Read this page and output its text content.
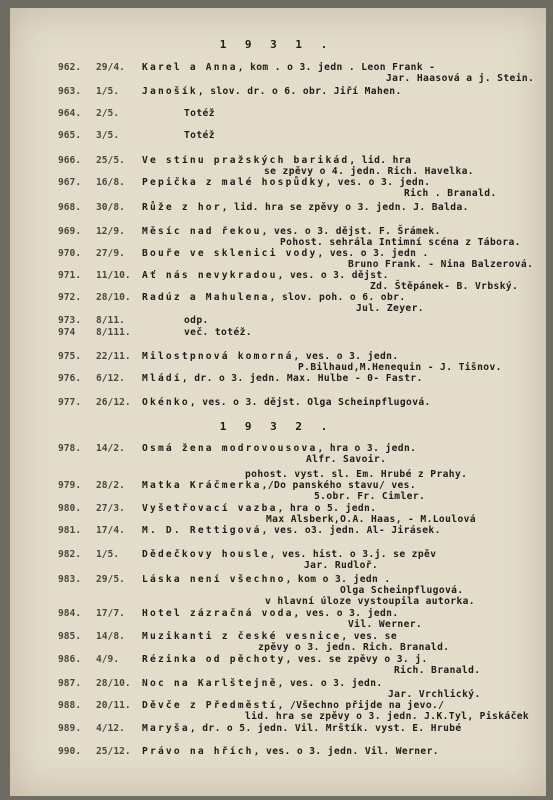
1 9 3 1 .
1 9 3 2 .
962. 29/4. Karel a Anna, kom . o 3. jedn . Leon Frank -
Jar. Haasová a j. Stein.
963. 1/5. Janošík, slov. dr. o 6. obr. Jiří Mahen.
964. 2/5.	Totéž
965. 3/5.	Totéž
966. 25/5. Ve stínu pražských barikád, lid. hra
se zpěvy o 4. jedn. Rich. Havelka.
967. 16/8. Pepička z malé hospůdky, ves. o 3. jedn.
Rich . Branald.
968. 30/8. Růže z hor, lid. hra se zpěvy o 3. jedn. J. Balda.
969. 12/9. Měsíc nad řekou, ves. o 3. dějst. F. Šrámek.
Pohost. sehrála Intimní scéna z Tábora.
970. 27/9. Bouře ve sklenici vody, ves. o 3. jedn .
Bruno Frank. - Nina Balzerová.
971. 11/10. Ať nás nevykradou, ves. o 3. dějst.
Zd. Štěpánek- B. Vrbský.
972. 28/10. Radúz a Mahulena, slov. poh. o 6. obr.
Jul. Zeyer.
973. 8/11.	odp.
974 8/111.	več. totéž.
975. 22/11. Milostpnová komorná, ves. o 3. jedn.
P.Bilhaud,M.Henequin - J. Tišnov.
976. 6/12. Mládí, dr. o 3. jedn. Max. Hulbe - 0- Fastr.
977. 26/12. Okénko, ves. o 3. dějst. Olga Scheinpflugová.
978. 14/2. Osmá žena modrovousova, hra o 3. jedn.
Alfr. Savoir.
pohost. vyst. sl. Em. Hrubé z Prahy.
979. 28/2. Matka Kráčmerka,/Do panského stavu/ ves.
5.obr. Fr. Cimler.
980. 27/3. Vyšetřovací vazba, hra o 5. jedn.
Max Alsberk,O.A. Haas, - M.Loulová
981. 17/4. M. D. Rettigová, ves. o3. jedn. Al- Jirásek.
982. 1/5. Dědečkovy housle, ves. hist. o 3.j. se zpěv
Jar. Rudloř.
983. 29/5. Láska není všechno, kom o 3. jedn .
Olga Scheinpflugová.
v hlavní úloze vystoupila autorka.
984. 17/7. Hotel zázračná voda, ves. o 3. jedn.
Vil. Werner.
985. 14/8. Muzikanti z české vesnice, ves. se
zpěvy o 3. jedn. Rich. Branald.
986. 4/9. Rézinka od pěchoty, ves. se zpěvy o 3. j.
Rich. Branald.
987. 28/10. Noc na Karlštejně, ves. o 3. jedn.
Jar. Vrchlický.
988. 20/11. Děvče z Předměstí, /Všechno přijde na jevo./
lid. hra se zpěvy o 3. jedn. J.K.Tyl, Piskáček
989. 4/12. Maryša, dr. o 5. jedn. Vil. Mrštík. vyst. E. Hrubé
990. 25/12. Právo na hřích, ves. o 3. jedn. Vil. Werner.
